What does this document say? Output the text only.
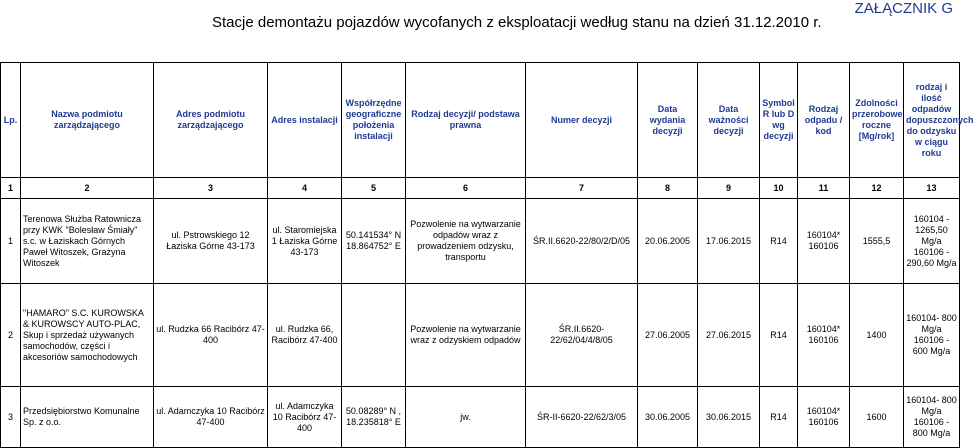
ZAŁĄCZNIK G
Stacje demontażu pojazdów wycofanych z eksploatacji według stanu na dzień 31.12.2010 r.
Lp.	Nazwa podmiotu zarządzającego	Adres podmiotu zarządzającego	Adres instalacji	Współrzędne geograficzne położenia instalacji	Rodzaj decyzji/ podstawa prawna	Numer decyzji	Data wydania decyzji	Data ważności decyzji	Symbol R lub D wg decyzji	Rodzaj odpadu / kod	Zdolności przerobowe roczne [Mg/rok]	rodzaj i ilość odpadów dopuszczonych do odzysku w ciągu roku
1	2	3	4	5	6	7	8	9	10	11	12	13
1	Terenowa Służba Ratownicza przy KWK "Bolesław Śmiały" s.c. w Łaziskach Górnych Paweł Witoszek, Grażyna Witoszek	ul. Pstrowskiego 12 Łaziska Górne 43-173	ul. Staromiejska 1 Łaziska Górne 43-173	50.141534° N 18.864752° E	Pozwolenie na wytwarzanie odpadów wraz z prowadzeniem odzysku, transportu	ŚR.II.6620-22/80/2/D/05	20.06.2005	17.06.2015	R14	160104* 160106	1555,5	160104 - 1265,50 Mg/a 160106 - 290,60 Mg/a
2	"HAMARO" S.C. KUROWSKA & KUROWSCY AUTO-PLAC, Skup i sprzedaż używanych samochodów, części i akcesoriów samochodowych	ul. Rudzka 66 Racibórz 47-400	ul. Rudzka 66, Racibórz 47-400		Pozwolenie na wytwarzanie wraz z odzyskiem odpadów	ŚR.II.6620-22/62/04/4/8/05	27.06.2005	27.06.2015	R14	160104* 160106	1400	160104- 800 Mg/a 160106 - 600 Mg/a
3	Przedsiębiorstwo Komunalne Sp. z o.o.	ul. Adamczyka 10 Racibórz 47-400	ul. Adamczyka 10 Racibórz 47-400	50.08289° N , 18.235818° E	jw.	ŚR-II-6620-22/62/3/05	30.06.2005	30.06.2015	R14	160104* 160106	1600	160104- 800 Mg/a 160106 - 800 Mg/a
